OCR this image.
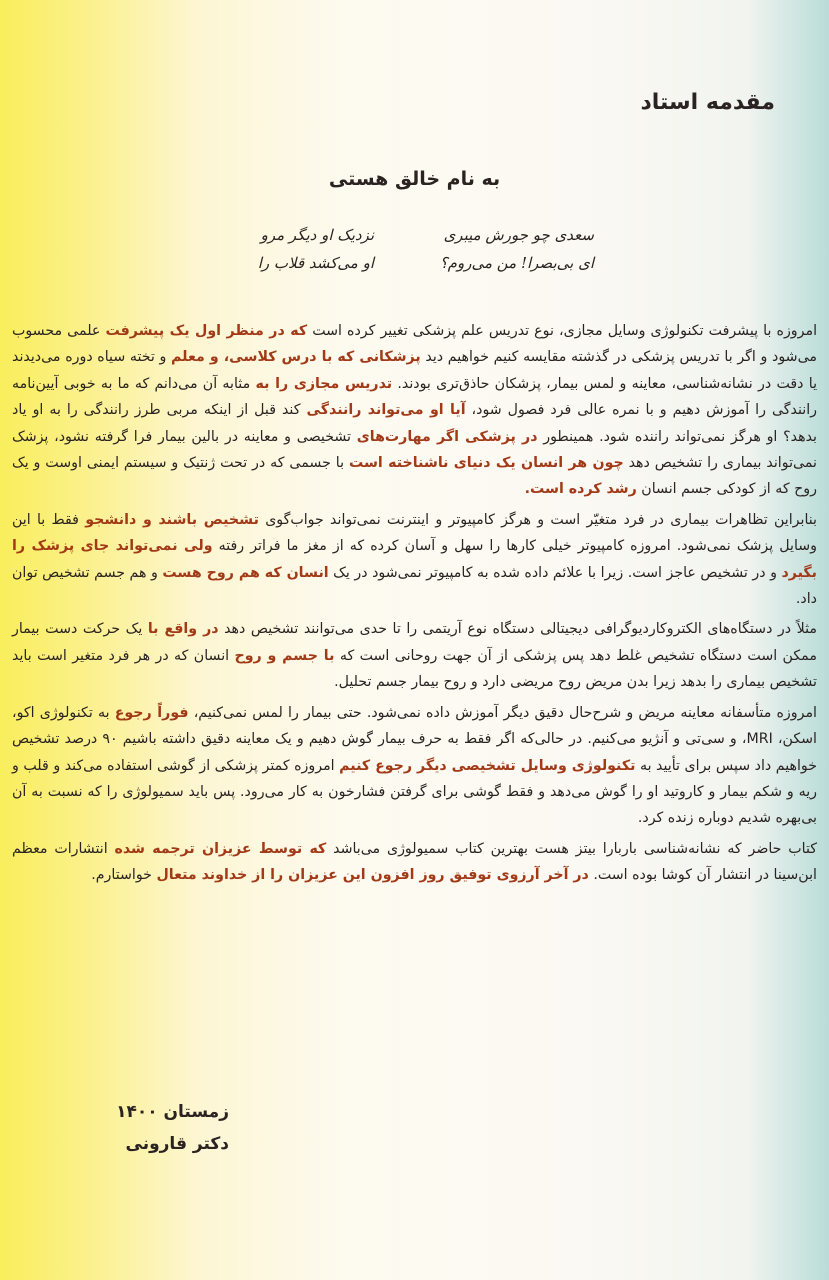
مقدمه استاد
به نام خالق هستی
سعدی چو جورش میبری
نزدیک او دیگر مرو
ای بی‌بصرا! من می‌روم؟
او می‌کشد قلاب را

امروزه با پیشرفت تکنولوژی وسایل مجازی، نوع تدریس علم پزشکی تغییر کرده است که در منظر اول یک پیشرفت علمی محسوب می‌شود و اگر با تدریس پزشکی در گذشته مقایسه کنیم خواهیم دید پزشکانی که با درس کلاسی، و معلم و تخته سیاه دوره می‌دیدند یا دقت در نشانه‌شناسی، معاینه و لمس بیمار، پزشکان حاذق‌تری بودند. تدریس مجازی را به مثابه آن می‌دانم که ما به خوبی آیین‌نامه رانندگی را آموزش دهیم و با نمره عالی فرد فصول شود، آیا او می‌تواند رانندگی کند قبل از اینکه مربی طرز رانندگی را به او یاد بدهد؟ او هرگز نمی‌تواند راننده شود. همینطور در پزشکی اگر مهارت‌های تشخیصی و معاینه در بالین بیمار فرا گرفته نشود، پزشک نمی‌تواند بیماری را تشخیص دهد چون هر انسان یک دنیای ناشناخته است با جسمی که در تحت ژنتیک و سیستم ایمنی اوست و یک روح که از کودکی جسم انسان رشد کرده است.

بنابراین تظاهرات بیماری در فرد متغیّر است و هرگز کامپیوتر و اینترنت نمی‌تواند جواب‌گوی تشخیص باشند و دانشجو فقط با این وسایل پزشک نمی‌شود. امروزه کامپیوتر خیلی کارها را سهل و آسان کرده که از مغز ما فراتر رفته ولی نمی‌تواند جای پزشک را بگیرد و در تشخیص عاجز است. زیرا با علائم داده شده به کامپیوتر نمی‌شود در یک انسان که هم روح هست و هم جسم تشخیص توان داد.

مثلاً در دستگاه‌های الکتروکاردیوگرافی دیجیتالی دستگاه نوع آریتمی را تا حدی می‌توانند تشخیص دهد در واقع با یک حرکت دست بیمار ممکن است دستگاه تشخیص غلط دهد پس پزشکی از آن جهت روحانی است که با جسم و روح انسان که در هر فرد متغیر است باید تشخیص بیماری را بدهد زیرا بدن مریض روح مریضی دارد و روح بیمار جسم تحلیل.

امروزه متأسفانه معاینه مریض و شرح‌حال دقیق دیگر آموزش داده نمی‌شود. حتی بیمار را لمس نمی‌کنیم، فوراً رجوع به تکنولوژی اکو، اسکن، MRI، و سی‌تی و آنژیو می‌کنیم. در حالی‌که اگر فقط به حرف بیمار گوش دهیم و یک معاینه دقیق داشته باشیم ۹۰ درصد تشخیص خواهیم داد سپس برای تأیید به تکنولوژی وسایل تشخیصی دیگر رجوع کنیم امروزه کمتر پزشکی از گوشی استفاده می‌کند و قلب و ریه و شکم بیمار و کاروتید او را گوش می‌دهد و فقط گوشی برای گرفتن فشارخون به کار می‌رود. پس باید سمیولوژی را که نسبت به آن بی‌بهره شدیم دوباره زنده کرد.

کتاب حاضر که نشانه‌شناسی باربارا بیتز هست بهترین کتاب سمیولوژی می‌باشد که توسط عزیزان ترجمه شده انتشارات معظم ابن‌سینا در انتشار آن کوشا بوده است. در آخر آرزوی توفیق روز افزون این عزیزان را از خداوند متعال خواستارم.

زمستان ۱۴۰۰
دکتر قارونی
